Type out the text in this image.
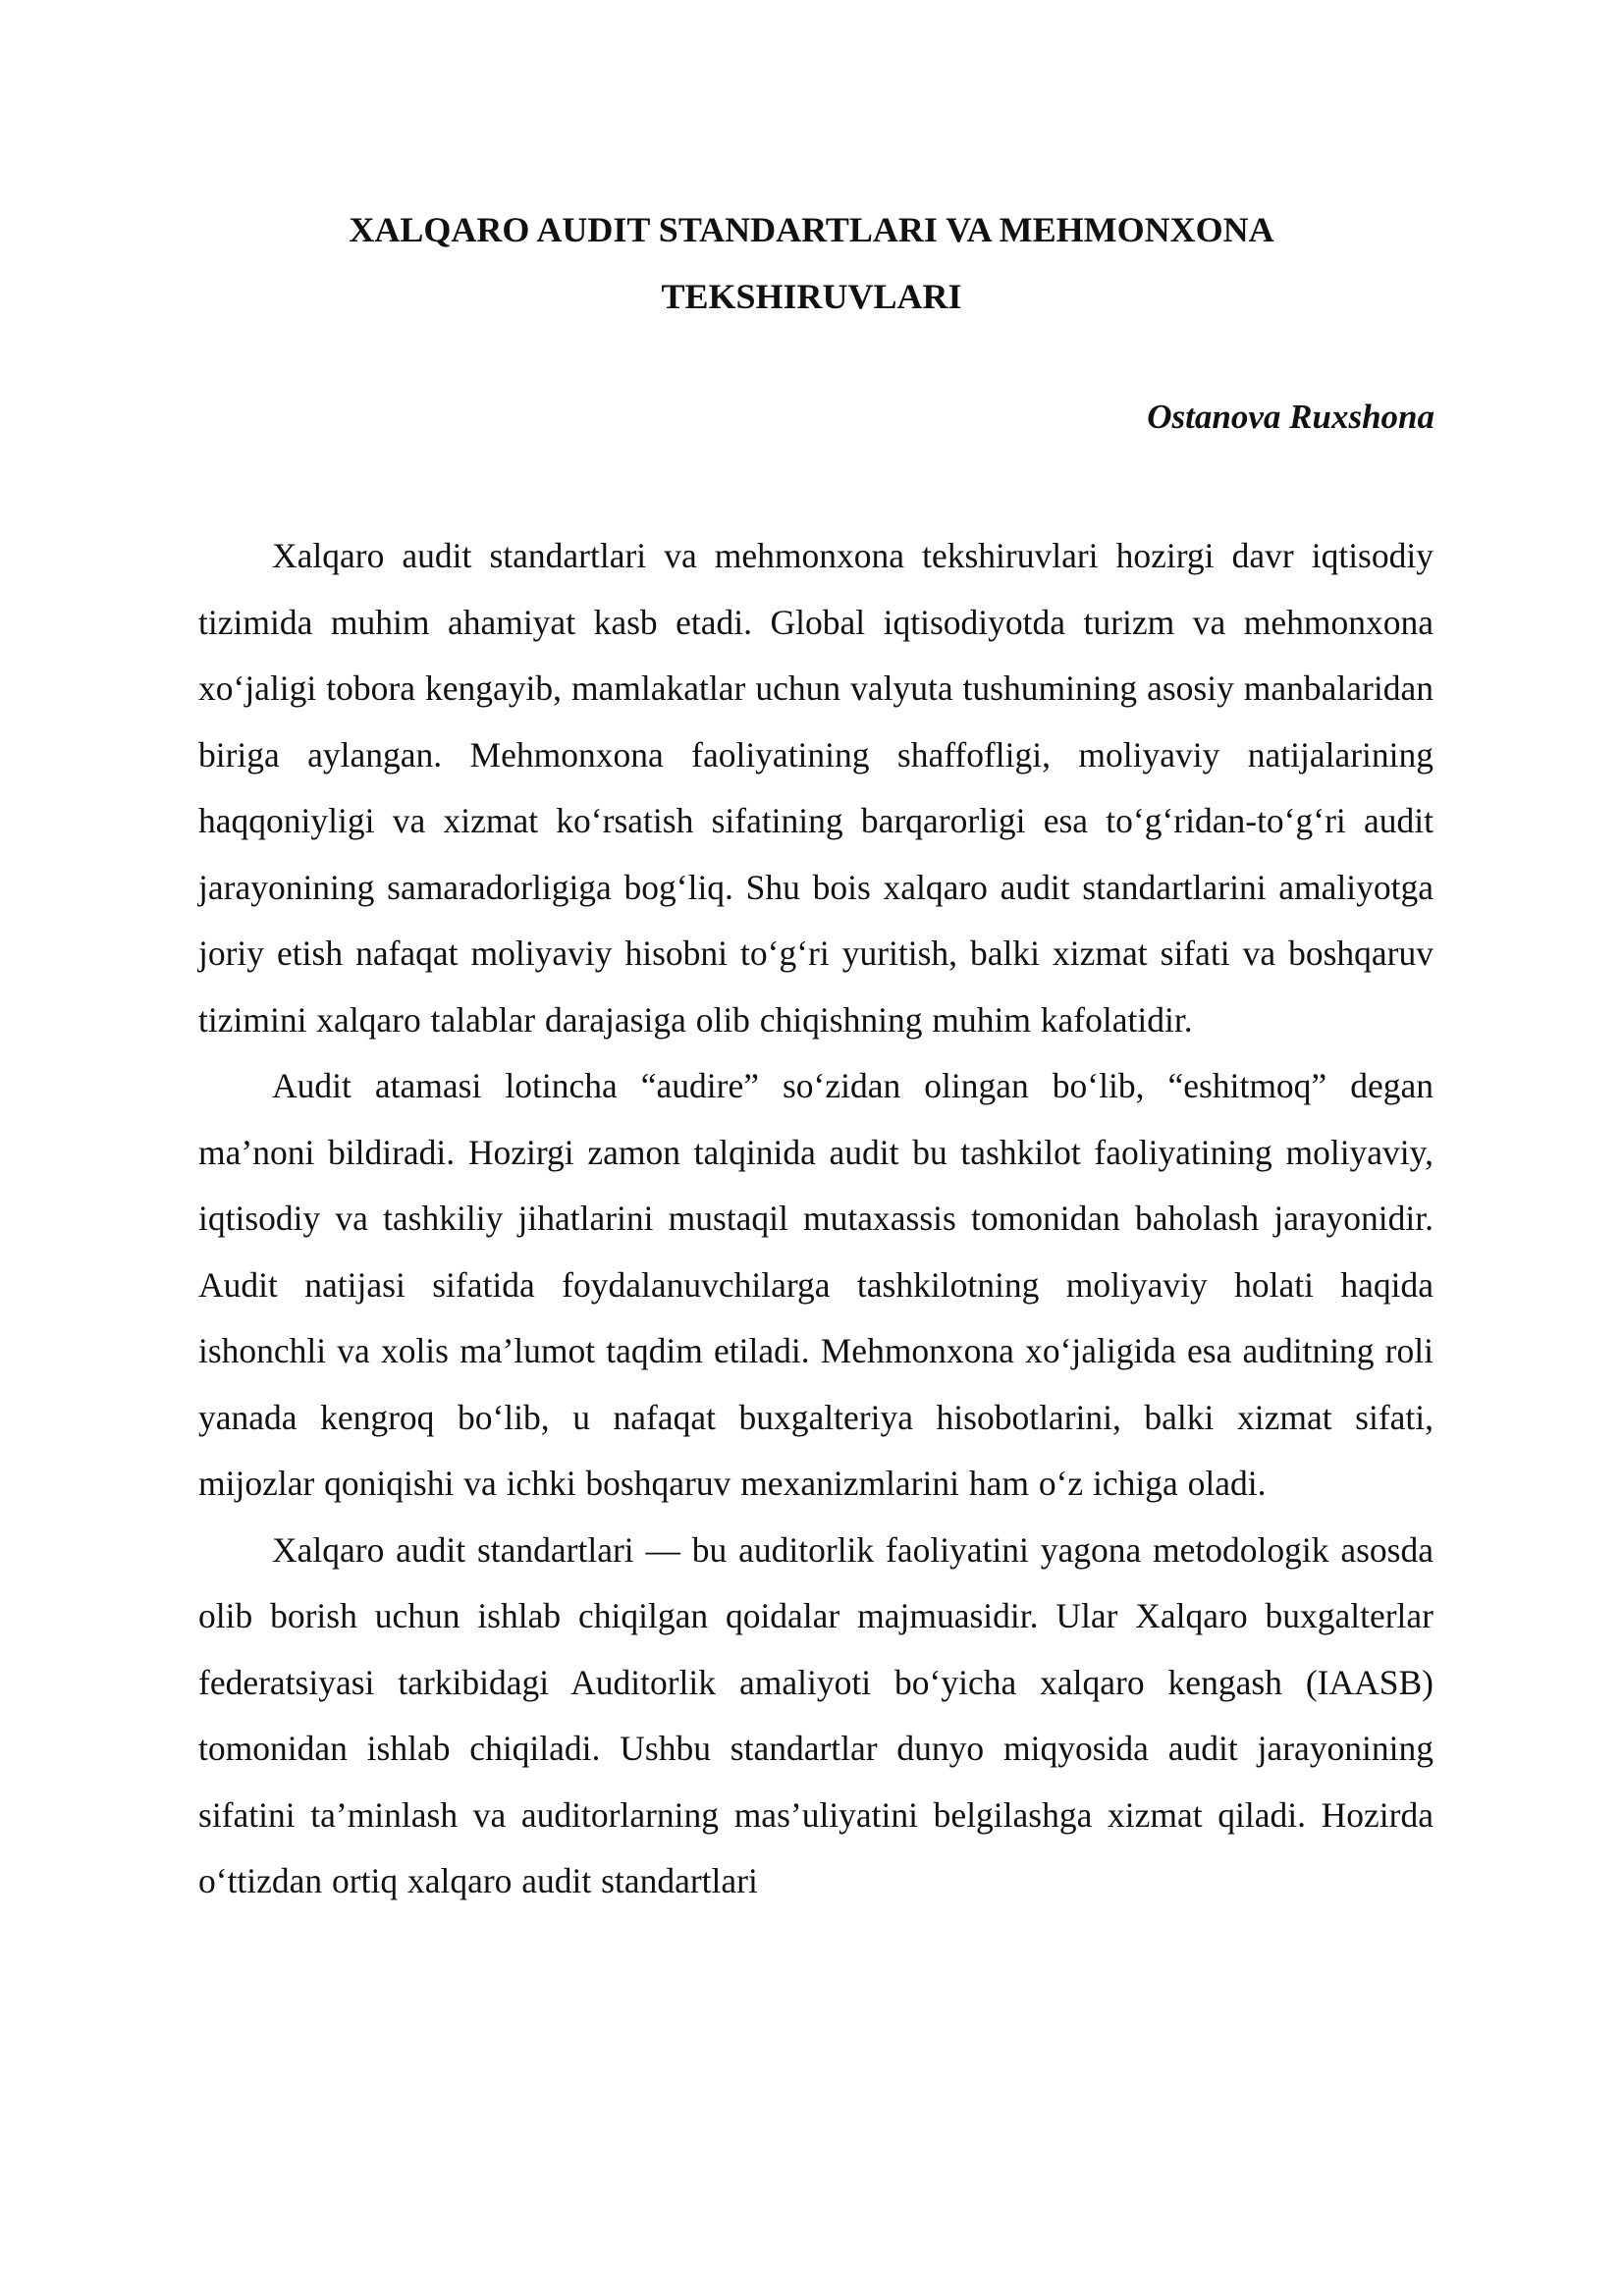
XALQARO AUDIT STANDARTLARI VA MEHMONXONA
TEKSHIRUVLARI

Ostanova Ruxshona

Xalqaro audit standartlari va mehmonxona tekshiruvlari hozirgi davr iqtisodiy tizimida muhim ahamiyat kasb etadi. Global iqtisodiyotda turizm va mehmonxona xo‘jaligi tobora kengayib, mamlakatlar uchun valyuta tushumining asosiy manbalaridan biriga aylangan. Mehmonxona faoliyatining shaffofligi, moliyaviy natijalarining haqqoniyligi va xizmat ko‘rsatish sifatining barqarorligi esa to‘g‘ridan-to‘g‘ri audit jarayonining samaradorligiga bog‘liq. Shu bois xalqaro audit standartlarini amaliyotga joriy etish nafaqat moliyaviy hisobni to‘g‘ri yuritish, balki xizmat sifati va boshqaruv tizimini xalqaro talablar darajasiga olib chiqishning muhim kafolatidir.

Audit atamasi lotincha “audire” so‘zidan olingan bo‘lib, “eshitmoq” degan ma’noni bildiradi. Hozirgi zamon talqinida audit bu tashkilot faoliyatining moliyaviy, iqtisodiy va tashkiliy jihatlarini mustaqil mutaxassis tomonidan baholash jarayonidir. Audit natijasi sifatida foydalanuvchilarga tashkilotning moliyaviy holati haqida ishonchli va xolis ma’lumot taqdim etiladi. Mehmonxona xo‘jaligida esa auditning roli yanada kengroq bo‘lib, u nafaqat buxgalteriya hisobotlarini, balki xizmat sifati, mijozlar qoniqishi va ichki boshqaruv mexanizmlarini ham o‘z ichiga oladi.

Xalqaro audit standartlari — bu auditorlik faoliyatini yagona metodologik asosda olib borish uchun ishlab chiqilgan qoidalar majmuasidir. Ular Xalqaro buxgalterlar federatsiyasi tarkibidagi Auditorlik amaliyoti bo‘yicha xalqaro kengash (IAASB) tomonidan ishlab chiqiladi. Ushbu standartlar dunyo miqyosida audit jarayonining sifatini ta’minlash va auditorlarning mas’uliyatini belgilashga xizmat qiladi. Hozirda o‘ttizdan ortiq xalqaro audit standartlari
